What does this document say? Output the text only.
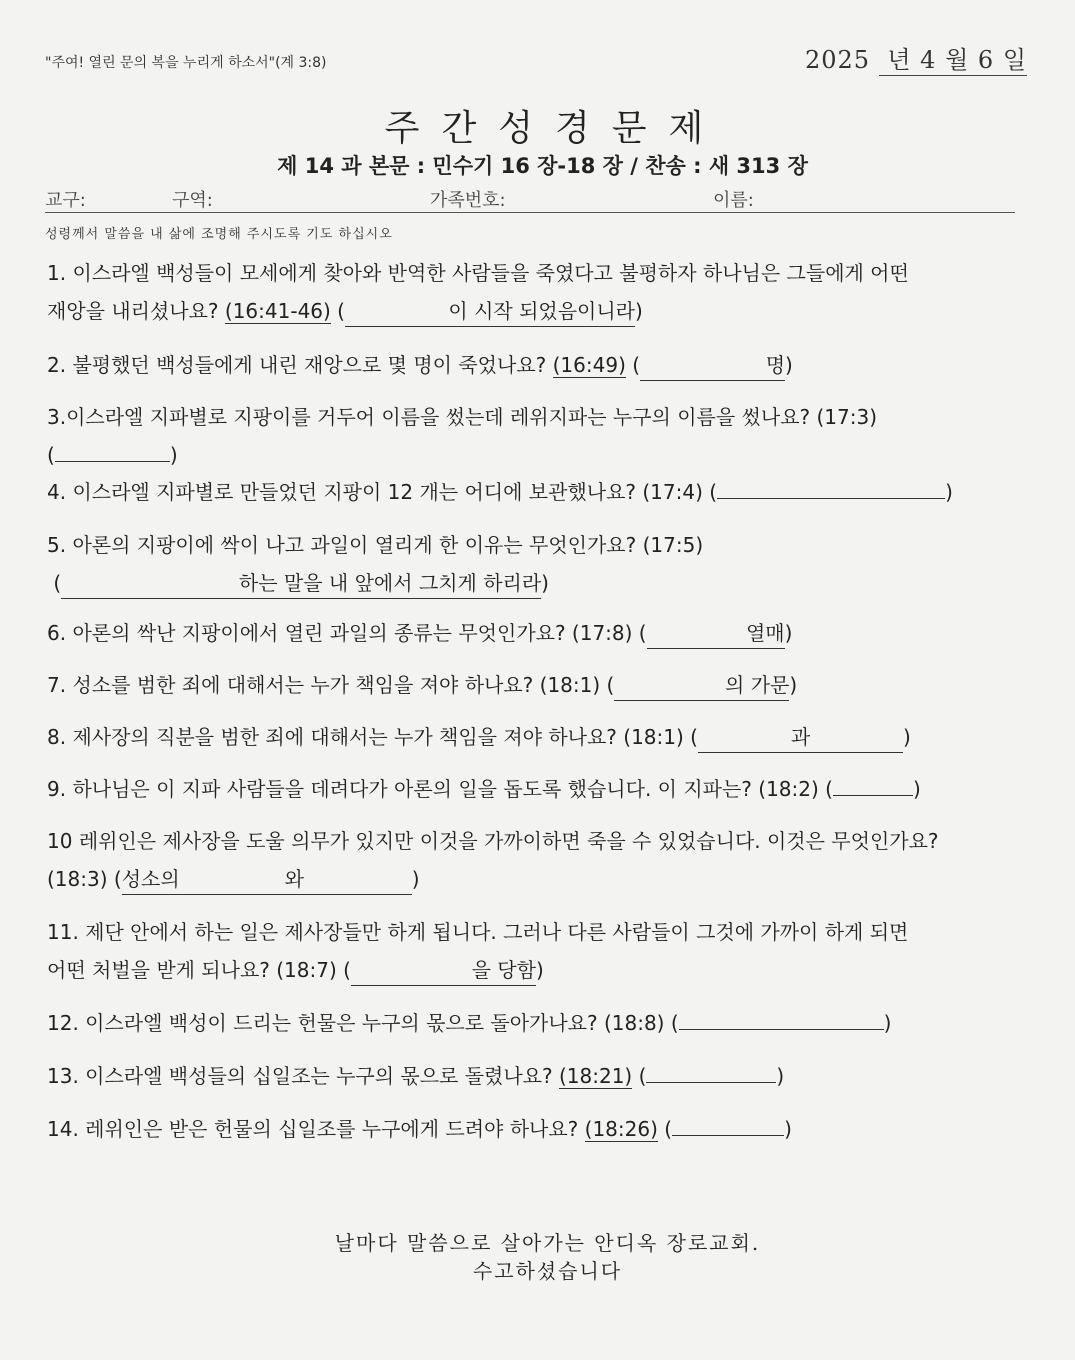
"주여! 열린 문의 복을 누리게 하소서"(계 3:8)	2025 년 4 월 6 일
주간성경문제
제 14 과 본문 : 민수기 16 장-18 장 / 찬송 : 새 313 장
교구:	구역:	가족번호:	이름:
성령께서 말씀을 내 삶에 조명해 주시도록 기도 하십시오
1. 이스라엘 백성들이 모세에게 찾아와 반역한 사람들을 죽였다고 불평하자 하나님은 그들에게 어떤
재앙을 내리셨나요? (16:41-46) (	이 시작 되었음이니라)
2. 불평했던 백성들에게 내린 재앙으로 몇 명이 죽었나요? (16:49) (	명)
3.이스라엘 지파별로 지팡이를 거두어 이름을 썼는데 레위지파는 누구의 이름을 썼나요? (17:3)
(	)
4. 이스라엘 지파별로 만들었던 지팡이 12 개는 어디에 보관했나요? (17:4) (	)
5. 아론의 지팡이에 싹이 나고 과일이 열리게 한 이유는 무엇인가요? (17:5)
(	하는 말을 내 앞에서 그치게 하리라)
6. 아론의 싹난 지팡이에서 열린 과일의 종류는 무엇인가요? (17:8) (	열매)
7. 성소를 범한 죄에 대해서는 누가 책임을 져야 하나요? (18:1) (	의 가문)
8. 제사장의 직분을 범한 죄에 대해서는 누가 책임을 져야 하나요? (18:1) (	과	)
9. 하나님은 이 지파 사람들을 데려다가 아론의 일을 돕도록 했습니다. 이 지파는? (18:2) (	)
10 레위인은 제사장을 도울 의무가 있지만 이것을 가까이하면 죽을 수 있었습니다. 이것은 무엇인가요?
(18:3) (성소의	와	)
11. 제단 안에서 하는 일은 제사장들만 하게 됩니다. 그러나 다른 사람들이 그것에 가까이 하게 되면
어떤 처벌을 받게 되나요? (18:7) (	을 당함)
12. 이스라엘 백성이 드리는 헌물은 누구의 몫으로 돌아가나요? (18:8) (	)
13. 이스라엘 백성들의 십일조는 누구의 몫으로 돌렸나요? (18:21) (	)
14. 레위인은 받은 헌물의 십일조를 누구에게 드려야 하나요? (18:26) (	)
날마다 말씀으로 살아가는 안디옥 장로교회.
수고하셨습니다
